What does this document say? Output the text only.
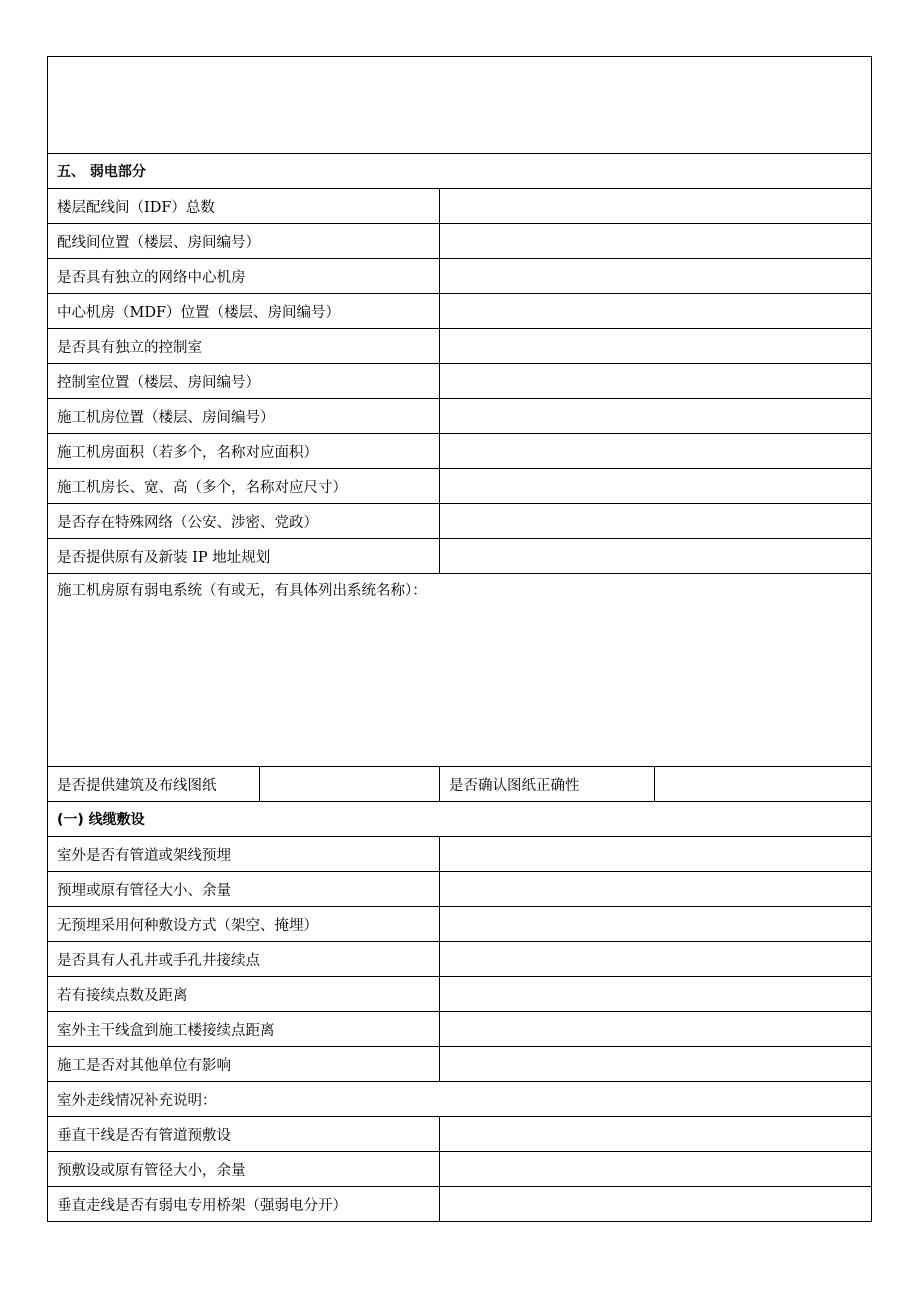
五、 弱电部分
楼层配线间（IDF）总数
配线间位置（楼层、房间编号）
是否具有独立的网络中心机房
中心机房（MDF）位置（楼层、房间编号）
是否具有独立的控制室
控制室位置（楼层、房间编号）
施工机房位置（楼层、房间编号）
施工机房面积（若多个，名称对应面积）
施工机房长、宽、高（多个，名称对应尺寸）
是否存在特殊网络（公安、涉密、党政）
是否提供原有及新装 IP 地址规划
施工机房原有弱电系统（有或无，有具体列出系统名称）：
是否提供建筑及布线图纸	是否确认图纸正确性
(一) 线缆敷设
室外是否有管道或架线预埋
预埋或原有管径大小、余量
无预埋采用何种敷设方式（架空、掩埋）
是否具有人孔井或手孔井接续点
若有接续点数及距离
室外主干线盒到施工楼接续点距离
施工是否对其他单位有影响
室外走线情况补充说明：
垂直干线是否有管道预敷设
预敷设或原有管径大小，余量
垂直走线是否有弱电专用桥架（强弱电分开）
